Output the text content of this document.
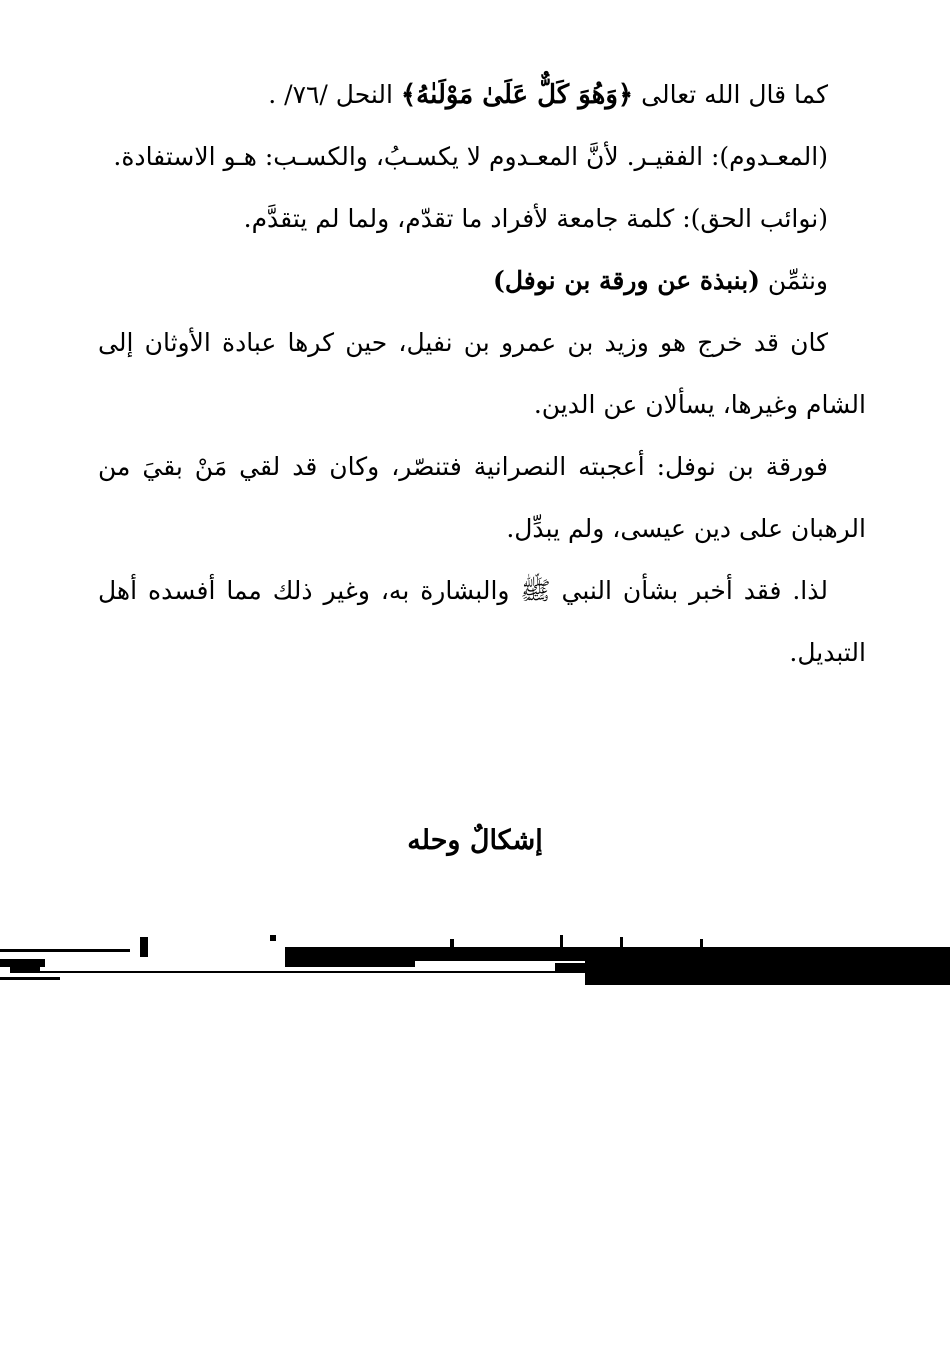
كما قال الله تعالى ﴿وَهُوَ كَلٌّ عَلَىٰ مَوْلَىٰهُ﴾ النحل /٧٦/ .

(المعـدوم): الفقيـر. لأنَّ المعـدوم لا يكسـبُ، والكسـب: هـو الاستفادة.

(نوائب الحق): كلمة جامعة لأفراد ما تقدّم، ولما لم يتقدَّم.

ونثمِّن (بنبذة عن ورقة بن نوفل)

كان قد خرج هو وزيد بن عمرو بن نفيل، حين كرها عبادة الأوثان إلى الشام وغيرها، يسألان عن الدين.

فورقة بن نوفل: أعجبته النصرانية فتنصّر، وكان قد لقي مَنْ بقيَ من الرهبان على دين عيسى، ولم يبدِّل.

لذا. فقد أخبر بشأن النبي ﷺ والبشارة به، وغير ذلك مما أفسده أهل التبديل.

إشكالٌ وحله
